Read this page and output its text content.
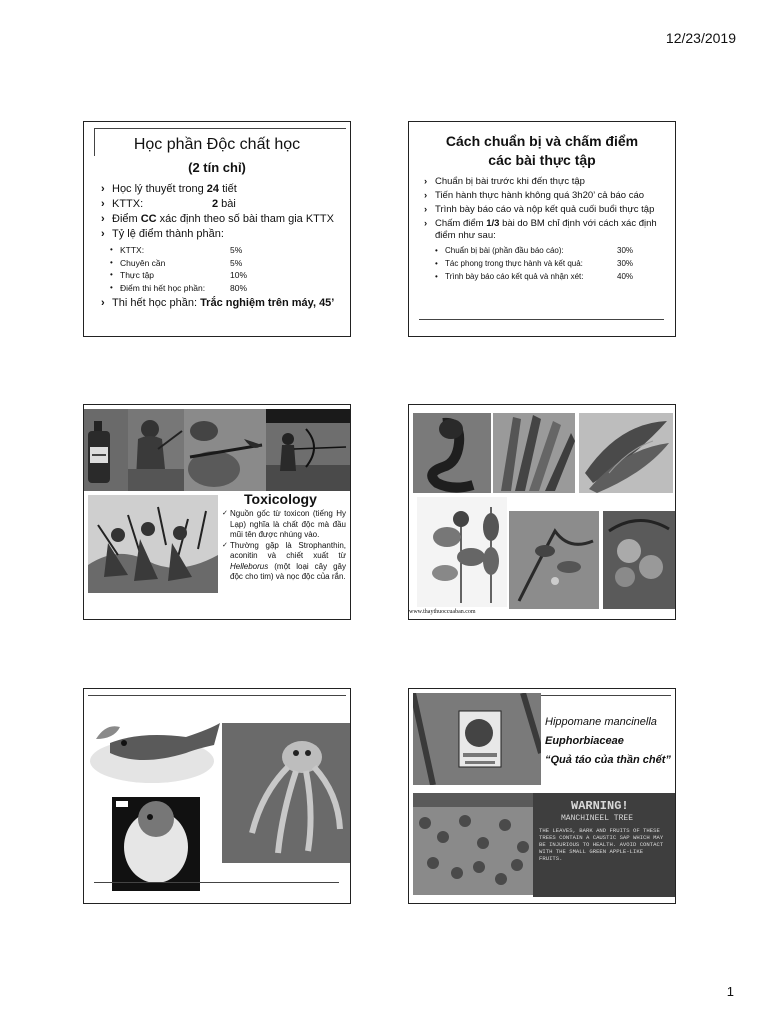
12/23/2019
Học phần Độc chất học
(2 tín chỉ)
› Học lý thuyết trong 24 tiết
› KTTX:	2 bài
› Điểm CC xác định theo số bài tham gia KTTX
› Tỷ lệ điểm thành phần:
• KTTX:	5%
• Chuyên cần	5%
• Thực tập	10%
• Điểm thi hết học phần:	80%
› Thi hết học phần: Trắc nghiệm trên máy, 45’
Cách chuẩn bị và chấm điểm
các bài thực tập
› Chuẩn bị bài trước khi đến thực tập
› Tiến hành thực hành không quá 3h20’ cả báo cáo
› Trình bày báo cáo và nộp kết quả cuối buổi thực tập
› Chấm điểm 1/3 bài do BM chỉ định với cách xác định điểm như sau:
• Chuẩn bị bài (phần đầu báo cáo):	30%
• Tác phong trong thực hành và kết quả:	30%
• Trình bày báo cáo kết quả và nhận xét:	40%
Toxicology
✓ Nguồn gốc từ toxicon (tiếng Hy Lạp) nghĩa là chất độc mà đầu mũi tên được nhúng vào.
✓ Thường gặp là Strophanthin, aconitin và chiết xuất từ Helleborus (một loại cây gây độc cho tim) và nọc độc của rắn.
www.thaythuoccuaban.com
Hippomane mancinella
Euphorbiaceae
“Quả táo của thần chết”
WARNING!
MANCHINEEL TREE
THE LEAVES, BARK AND FRUITS OF THESE TREES CONTAIN A CAUSTIC SAP WHICH MAY BE INJURIOUS TO HEALTH. AVOID CONTACT WITH THE SMALL GREEN APPLE-LIKE FRUITS.
1
